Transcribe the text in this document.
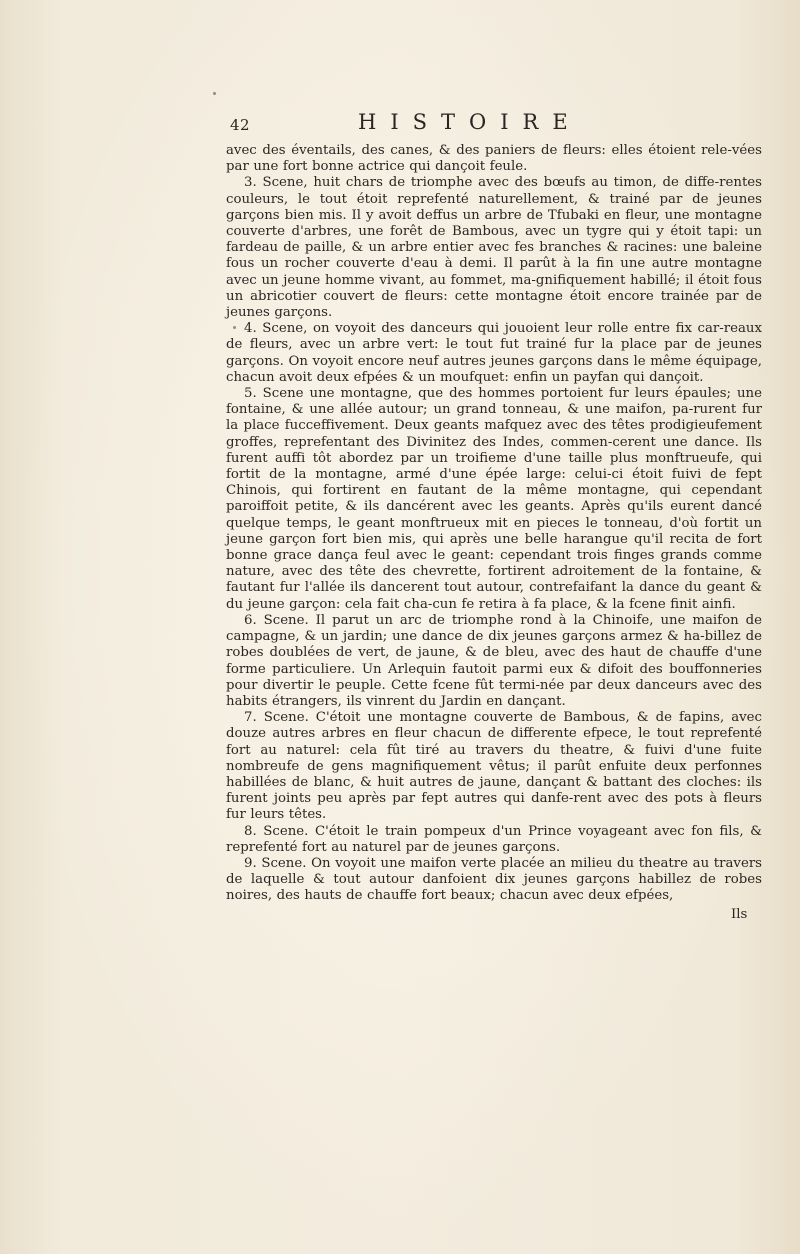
42	HISTOIRE

avec des éventails, des canes, & des paniers de fleurs: elles étoient rele-vées par une fort bonne actrice qui dançoit feule.

3. Scene, huit chars de triomphe avec des bœufs au timon, de diffe-rentes couleurs, le tout étoit reprefenté naturellement, & trainé par de jeunes garçons bien mis. Il y avoit deffus un arbre de Tfubaki en fleur, une montagne couverte d'arbres, une forêt de Bambous, avec un tygre qui y étoit tapi: un fardeau de paille, & un arbre entier avec fes branches & racines: une baleine fous un rocher couverte d'eau à demi. Il parût à la fin une autre montagne avec un jeune homme vivant, au fommet, ma-gnifiquement habillé; il étoit fous un abricotier couvert de fleurs: cette montagne étoit encore trainée par de jeunes garçons.

4. Scene, on voyoit des danceurs qui jouoient leur rolle entre fix car-reaux de fleurs, avec un arbre vert: le tout fut trainé fur la place par de jeunes garçons. On voyoit encore neuf autres jeunes garçons dans le même équipage, chacun avoit deux efpées & un moufquet: enfin un payfan qui dançoit.

5. Scene une montagne, que des hommes portoient fur leurs épaules; une fontaine, & une allée autour; un grand tonneau, & une maifon, pa-rurent fur la place fucceffivement. Deux geants mafquez avec des têtes prodigieufement groffes, reprefentant des Divinitez des Indes, commen-cerent une dance. Ils furent auffi tôt abordez par un troifieme d'une taille plus monftrueufe, qui fortit de la montagne, armé d'une épée large: celui-ci étoit fuivi de fept Chinois, qui fortirent en fautant de la même montagne, qui cependant paroiffoit petite, & ils dancérent avec les geants. Après qu'ils eurent dancé quelque temps, le geant monftrueux mit en pieces le tonneau, d'où fortit un jeune garçon fort bien mis, qui après une belle harangue qu'il recita de fort bonne grace dança feul avec le geant: cependant trois finges grands comme nature, avec des tête des chevrette, fortirent adroitement de la fontaine, & fautant fur l'allée ils dancerent tout autour, contrefaifant la dance du geant & du jeune garçon: cela fait cha-cun fe retira à fa place, & la fcene finit ainfi.

6. Scene. Il parut un arc de triomphe rond à la Chinoife, une maifon de campagne, & un jardin; une dance de dix jeunes garçons armez & ha-billez de robes doublées de vert, de jaune, & de bleu, avec des haut de chauffe d'une forme particuliere. Un Arlequin fautoit parmi eux & difoit des bouffonneries pour divertir le peuple. Cette fcene fût termi-née par deux danceurs avec des habits étrangers, ils vinrent du Jardin en dançant.

7. Scene. C'étoit une montagne couverte de Bambous, & de fapins, avec douze autres arbres en fleur chacun de differente efpece, le tout reprefenté fort au naturel: cela fût tiré au travers du theatre, & fuivi d'une fuite nombreufe de gens magnifiquement vêtus; il parût enfuite deux perfonnes habillées de blanc, & huit autres de jaune, dançant & battant des cloches: ils furent joints peu après par fept autres qui danfe-rent avec des pots à fleurs fur leurs têtes.

8. Scene. C'étoit le train pompeux d'un Prince voyageant avec fon fils, & reprefenté fort au naturel par de jeunes garçons.

9. Scene. On voyoit une maifon verte placée an milieu du theatre au travers de laquelle & tout autour danfoient dix jeunes garçons habillez de robes noires, des hauts de chauffe fort beaux; chacun avec deux efpées,

Ils
